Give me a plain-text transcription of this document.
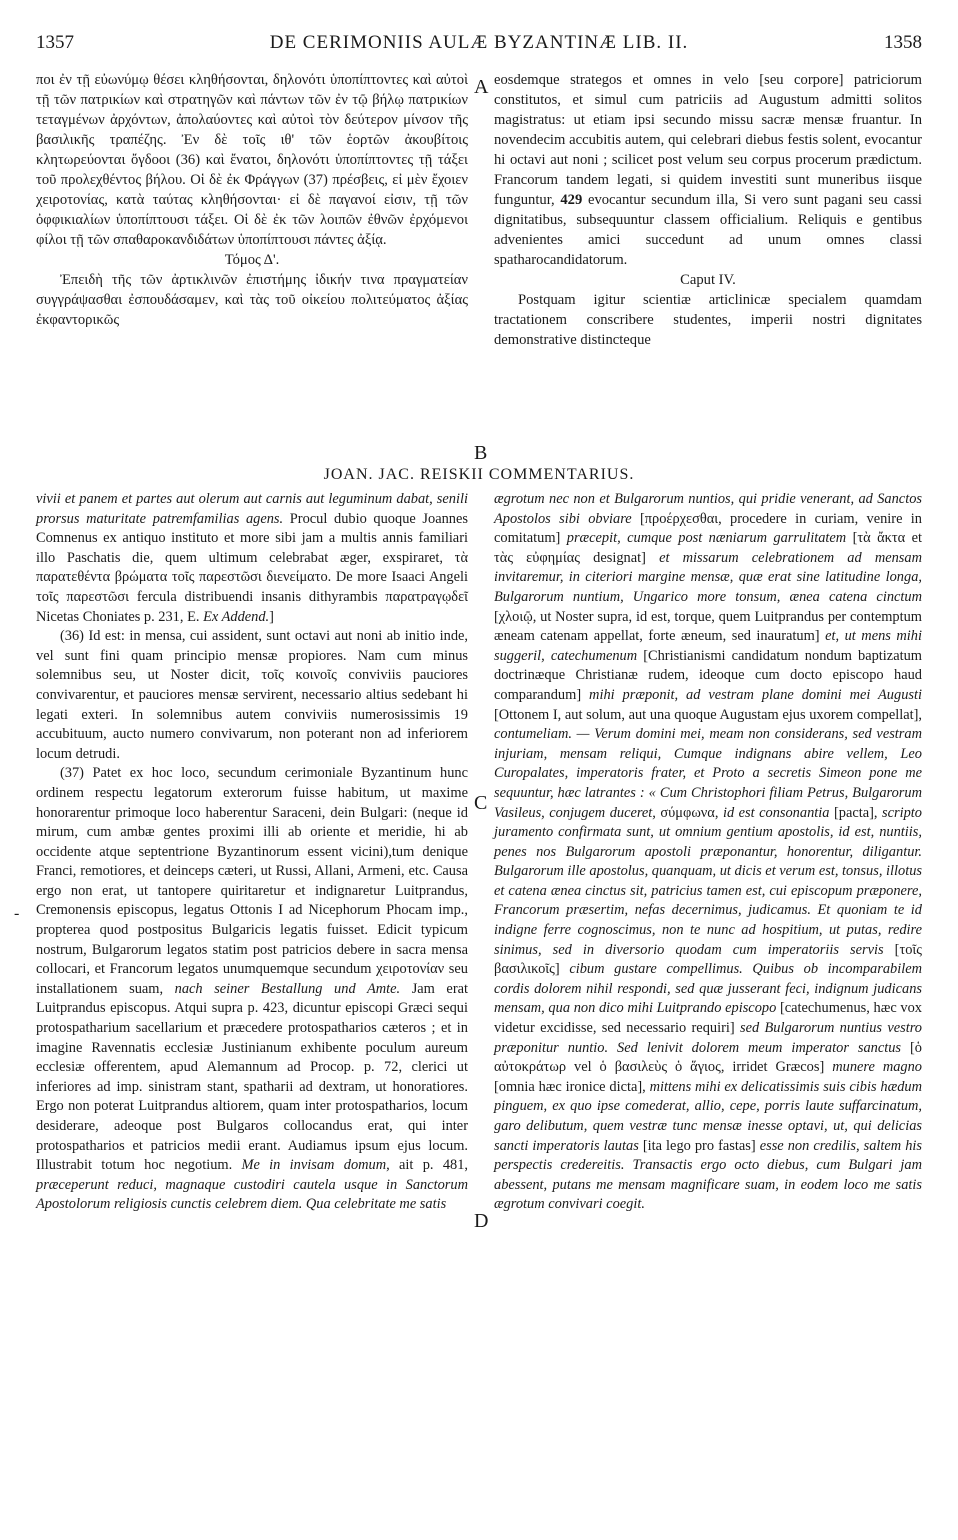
1357	DE CERIMONIIS AULÆ BYZANTINÆ LIB. II.	1358

ποι ἐν τῇ εὐωνύμῳ θέσει κληθήσονται, δηλονότι ὑποπίπτοντες καὶ αὐτοὶ τῇ τῶν πατρικίων καὶ στρατηγῶν καὶ πάντων τῶν ἐν τῷ βήλῳ πατρικίων τεταγμένων ἀρχόντων, ἀπολαύοντες καὶ αὐτοὶ τὸν δεύτερον μίνσον τῆς βασιλικῆς τραπέζης. Ἐν δὲ τοῖς ιθ' τῶν ἑορτῶν ἀκουβίτοις κλητωρεύονται ὄγδοοι (36) καὶ ἔνατοι, δηλονότι ὑποπίπτοντες τῇ τάξει τοῦ προλεχθέντος βήλου. Οἱ δὲ ἐκ Φράγγων (37) πρέσβεις, εἰ μὲν ἔχοιεν χειροτονίας, κατὰ ταύτας κληθήσονται· εἰ δὲ παγανοί εἰσιν, τῇ τῶν ὀφφικιαλίων ὑποπίπτουσι τάξει. Οἱ δὲ ἐκ τῶν λοιπῶν ἐθνῶν ἐρχόμενοι φίλοι τῇ τῶν σπαθαροκανδιδάτων ὑποπίπτουσι πάντες ἀξίᾳ.

Τόμος Δ'.

Ἐπειδὴ τῆς τῶν ἀρτικλινῶν ἐπιστήμης ἰδικήν τινα πραγματείαν συγγράψασθαι ἐσπουδάσαμεν, καὶ τὰς τοῦ οἰκείου πολιτεύματος ἀξίας ἐκφαντορικῶς

eosdemque strategos et omnes in velo [seu corpore] patriciorum constitutos, et simul cum patriciis ad Augustum admitti solitos magistratus: ut etiam ipsi secundo missu sacræ mensæ fruantur. In novendecim accubitis autem, qui celebrari diebus festis solent, evocantur hi octavi aut noni ; scilicet post velum seu corpus procerum prædictum. Francorum tandem legati, si quidem investiti sunt muneribus iisque funguntur, 429 evocantur secundum illa, Si vero sunt pagani seu cassi dignitatibus, subsequuntur classem officialium. Reliquis e gentibus advenientes amici succedunt ad unum omnes classi spatharocandidatorum.

Caput IV.

Postquam igitur scientiæ articlinicæ specialem quamdam tractationem conscribere studentes, imperii nostri dignitates demonstrative distincteque

A
B
C
D
-
JOAN. JAC. REISKII COMMENTARIUS.

vivii et panem et partes aut olerum aut carnis aut leguminum dabat, senili prorsus maturitate patremfamilias agens. Procul dubio quoque Joannes Comnenus ex antiquo instituto et more sibi jam a multis annis familiari illo Paschatis die, quem ultimum celebrabat æger, exspiraret, τὰ παρατεθέντα βρώματα τοῖς παρεστῶσι διενείματο. De more Isaaci Angeli τοῖς παρεστῶσι fercula distribuendi insanis dithyrambis παρατραγῳδεῖ Nicetas Choniates p. 231, E. Ex Addend.]

(36) Id est: in mensa, cui assident, sunt octavi aut noni ab initio inde, vel sunt fini quam principio mensæ propiores. Nam cum minus solemnibus seu, ut Noster dicit, τοῖς κοινοῖς conviviis pauciores convivarentur, et pauciores mensæ servirent, necessario altius sedebant hi legati exteri. In solemnibus autem conviviis numerosissimis 19 accubituum, aucto numero convivarum, non poterant non ad inferiorem locum detrudi.

(37) Patet ex hoc loco, secundum cerimoniale Byzantinum hunc ordinem respectu legatorum exterorum fuisse habitum, ut maxime honorarentur primoque loco haberentur Saraceni, dein Bulgari: (neque id mirum, cum ambæ gentes proximi illi ab oriente et meridie, hi ab occidente atque septentrione Byzantinorum essent vicini),tum denique Franci, remotiores, et deinceps cæteri, ut Russi, Allani, Armeni, etc. Causa ergo non erat, ut tantopere quiritaretur et indignaretur Luitprandus, Cremonensis episcopus, legatus Ottonis I ad Nicephorum Phocam imp., propterea quod postpositus Bulgaricis legatis fuisset. Edicit typicum nostrum, Bulgarorum legatos statim post patricios debere in sacra mensa collocari, et Francorum legatos unumquemque secundum χειροτονίαν seu installationem suam, nach seiner Bestallung und Amte. Jam erat Luitprandus episcopus. Atqui supra p. 423, dicuntur episcopi Græci sequi protospatharium sacellarium et præcedere protospatharios cæteros ; et in imagine Ravennatis ecclesiæ Justinianum exhibente poculum aureum ecclesiæ offerentem, apud Alemannum ad Procop. p. 72, clerici ut inferiores ad imp. sinistram stant, spatharii ad dextram, ut honoratiores. Ergo non poterat Luitprandus altiorem, quam inter protospatharios, locum desiderare, adeoque post Bulgaros collocandus erat, qui inter protospatharios et patricios medii erant. Audiamus ipsum ejus locum. Illustrabit totum hoc negotium. Me in invisam domum, ait p. 481, præceperunt reduci, magnaque custodiri cautela usque in Sanctorum Apostolorum religiosis cunctis celebrem diem. Qua celebritate me satis

ægrotum nec non et Bulgarorum nuntios, qui pridie venerant, ad Sanctos Apostolos sibi obviare [προέρχεσθαι, procedere in curiam, venire in comitatum] præcepit, cumque post næniarum garrulitatem [τὰ ἄκτα et τὰς εὐφημίας designat] et missarum celebrationem ad mensam invitaremur, in citeriori margine mensæ, quæ erat sine latitudine longa, Bulgarorum nuntium, Ungarico more tonsum, ænea catena cinctum [χλοιῷ, ut Noster supra, id est, torque, quem Luitprandus per contemptum æneam catenam appellat, forte æneum, sed inauratum] et, ut mens mihi suggeril, catechumenum [Christianismi candidatum nondum baptizatum doctrinæque Christianæ rudem, ideoque cum docto episcopo haud comparandum] mihi præponit, ad vestram plane domini mei Augusti [Ottonem I, aut solum, aut una quoque Augustam ejus uxorem compellat], contumeliam. — Verum domini mei, meam non considerans, sed vestram injuriam, mensam reliqui, Cumque indignans abire vellem, Leo Curopalates, imperatoris frater, et Proto a secretis Simeon pone me sequuntur, hæc latrantes : « Cum Christophori filiam Petrus, Bulgarorum Vasileus, conjugem duceret, σύμφωνα, id est consonantia [pacta], scripto juramento confirmata sunt, ut omnium gentium apostolis, id est, nuntiis, penes nos Bulgarorum apostoli præponantur, honorentur, diligantur. Bulgarorum ille apostolus, quanquam, ut dicis et verum est, tonsus, illotus et catena ænea cinctus sit, patricius tamen est, cui episcopum præponere, Francorum præsertim, nefas decernimus, judicamus. Et quoniam te id indigne ferre cognoscimus, non te nunc ad hospitium, ut putas, redire sinimus, sed in diversorio quodam cum imperatoriis servis [τοῖς βασιλικοῖς] cibum gustare compellimus. Quibus ob incomparabilem cordis dolorem nihil respondi, sed quæ jusserant feci, indignum judicans mensam, qua non dico mihi Luitprando episcopo [catechumenus, hæc vox videtur excidisse, sed necessario requiri] sed Bulgarorum nuntius vestro præponitur nuntio. Sed lenivit dolorem meum imperator sanctus [ὁ αὐτοκράτωρ vel ὁ βασιλεὺς ὁ ἅγιος, irridet Græcos] munere magno [omnia hæc ironice dicta], mittens mihi ex delicatissimis suis cibis hædum pinguem, ex quo ipse comederat, allio, cepe, porris laute suffarcinatum, garo delibutum, quem vestræ tunc mensæ inesse optavi, ut, qui delicias sancti imperatoris lautas [ita lego pro fastas] esse non credilis, saltem his perspectis credereitis. Transactis ergo octo diebus, cum Bulgari jam abessent, putans me mensam magnificare suam, in eodem loco me satis ægrotum convivari coegit.
